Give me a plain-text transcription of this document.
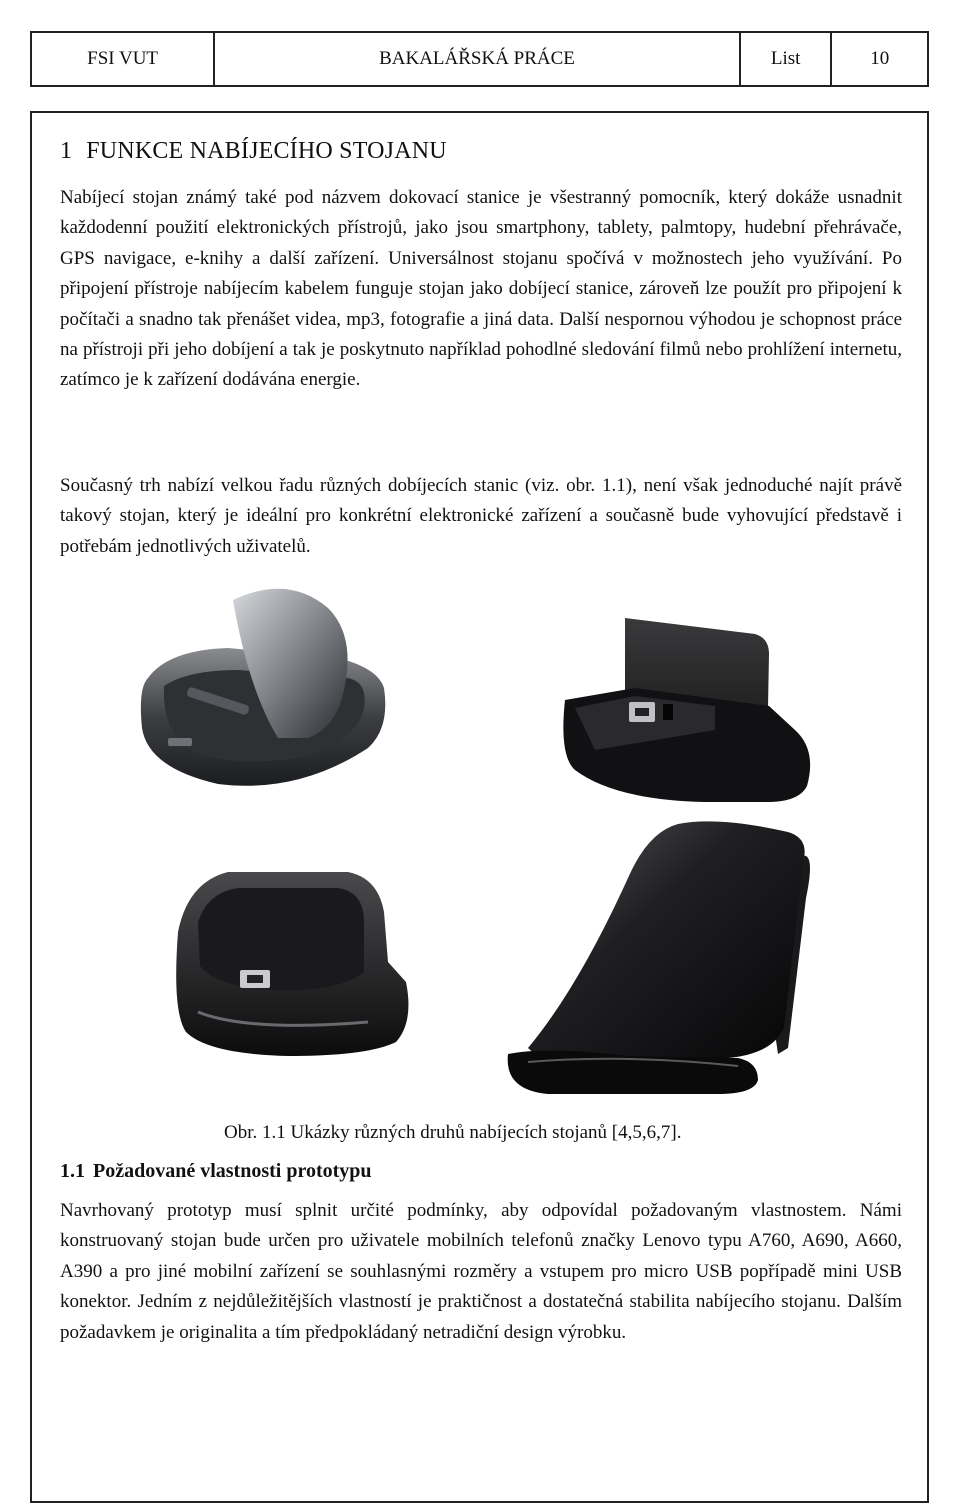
FSI VUT	BAKALÁŘSKÁ PRÁCE	List	10
1 FUNKCE NABÍJECÍHO STOJANU

Nabíjecí stojan známý také pod názvem dokovací stanice je všestranný pomocník, který dokáže usnadnit každodenní použití elektronických přístrojů, jako jsou smartphony, tablety, palmtopy, hudební přehrávače, GPS navigace, e-knihy a další zařízení. Universálnost stojanu spočívá v možnostech jeho využívání. Po připojení přístroje nabíjecím kabelem funguje stojan jako dobíjecí stanice, zároveň lze použít pro připojení k počítači a snadno tak přenášet videa, mp3, fotografie a jiná data. Další nespornou výhodou je schopnost práce na přístroji při jeho dobíjení a tak je poskytnuto například pohodlné sledování filmů nebo prohlížení internetu, zatímco je k zařízení dodávána energie.

Současný trh nabízí velkou řadu různých dobíjecích stanic (viz. obr. 1.1), není však jednoduché najít právě takový stojan, který je ideální pro konkrétní elektronické zařízení a současně bude vyhovující představě i potřebám jednotlivých uživatelů.

Obr. 1.1 Ukázky různých druhů nabíjecích stojanů [4,5,6,7].

1.1 Požadované vlastnosti prototypu

Navrhovaný prototyp musí splnit určité podmínky, aby odpovídal požadovaným vlastnostem. Námi konstruovaný stojan bude určen pro uživatele mobilních telefonů značky Lenovo typu A760, A690, A660, A390 a pro jiné mobilní zařízení se souhlasnými rozměry a vstupem pro micro USB popřípadě mini USB konektor. Jedním z nejdůležitějších vlastností je praktičnost a dostatečná stabilita nabíjecího stojanu. Dalším požadavkem je originalita a tím předpokládaný netradiční design výrobku.
